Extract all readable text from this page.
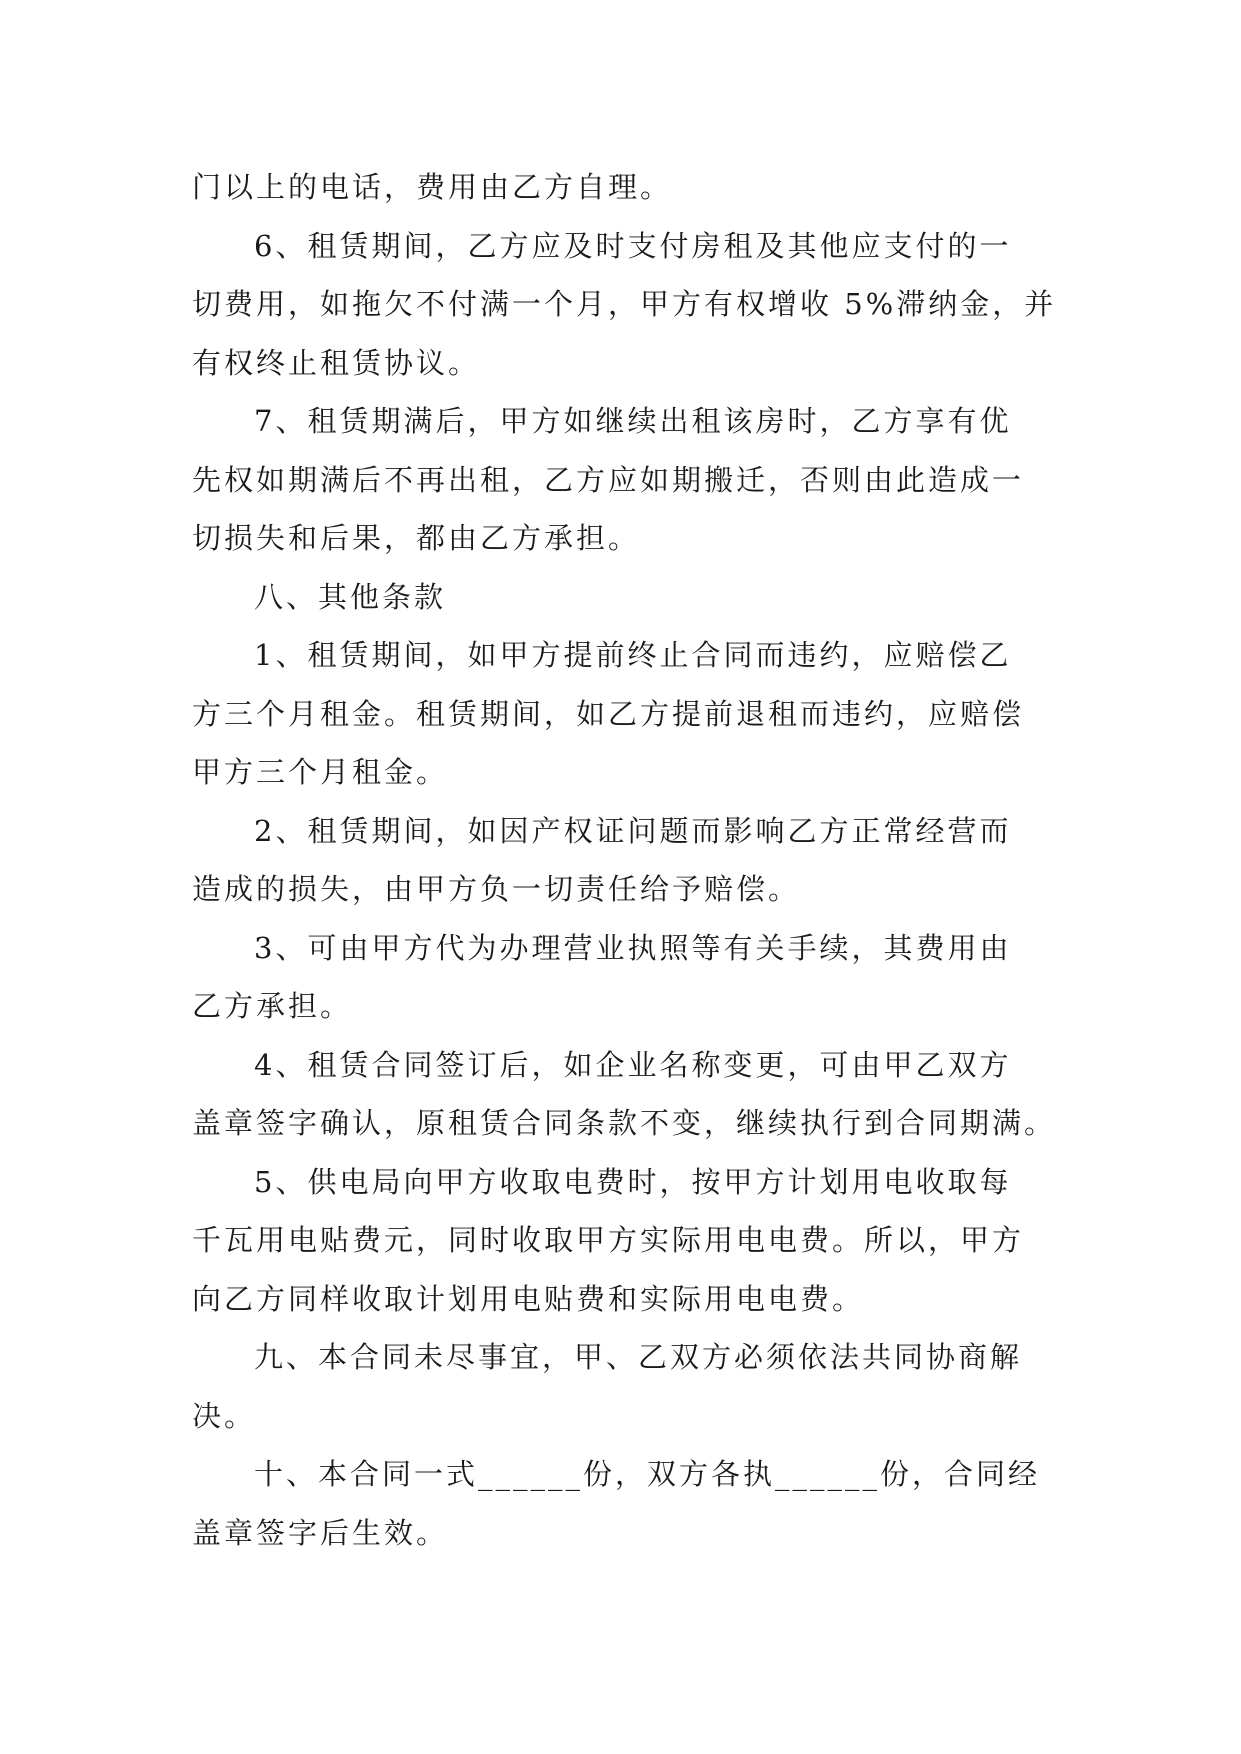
门以上的电话，费用由乙方自理。
6、租赁期间，乙方应及时支付房租及其他应支付的一
切费用，如拖欠不付满一个月，甲方有权增收 5%滞纳金，并
有权终止租赁协议。
7、租赁期满后，甲方如继续出租该房时，乙方享有优
先权如期满后不再出租，乙方应如期搬迁，否则由此造成一
切损失和后果，都由乙方承担。
八、其他条款
1、租赁期间，如甲方提前终止合同而违约，应赔偿乙
方三个月租金。租赁期间，如乙方提前退租而违约，应赔偿
甲方三个月租金。
2、租赁期间，如因产权证问题而影响乙方正常经营而
造成的损失，由甲方负一切责任给予赔偿。
3、可由甲方代为办理营业执照等有关手续，其费用由
乙方承担。
4、租赁合同签订后，如企业名称变更，可由甲乙双方
盖章签字确认，原租赁合同条款不变，继续执行到合同期满。
5、供电局向甲方收取电费时，按甲方计划用电收取每
千瓦用电贴费元，同时收取甲方实际用电电费。所以，甲方
向乙方同样收取计划用电贴费和实际用电电费。
九、本合同未尽事宜，甲、乙双方必须依法共同协商解
决。
十、本合同一式______份，双方各执______份，合同经
盖章签字后生效。
